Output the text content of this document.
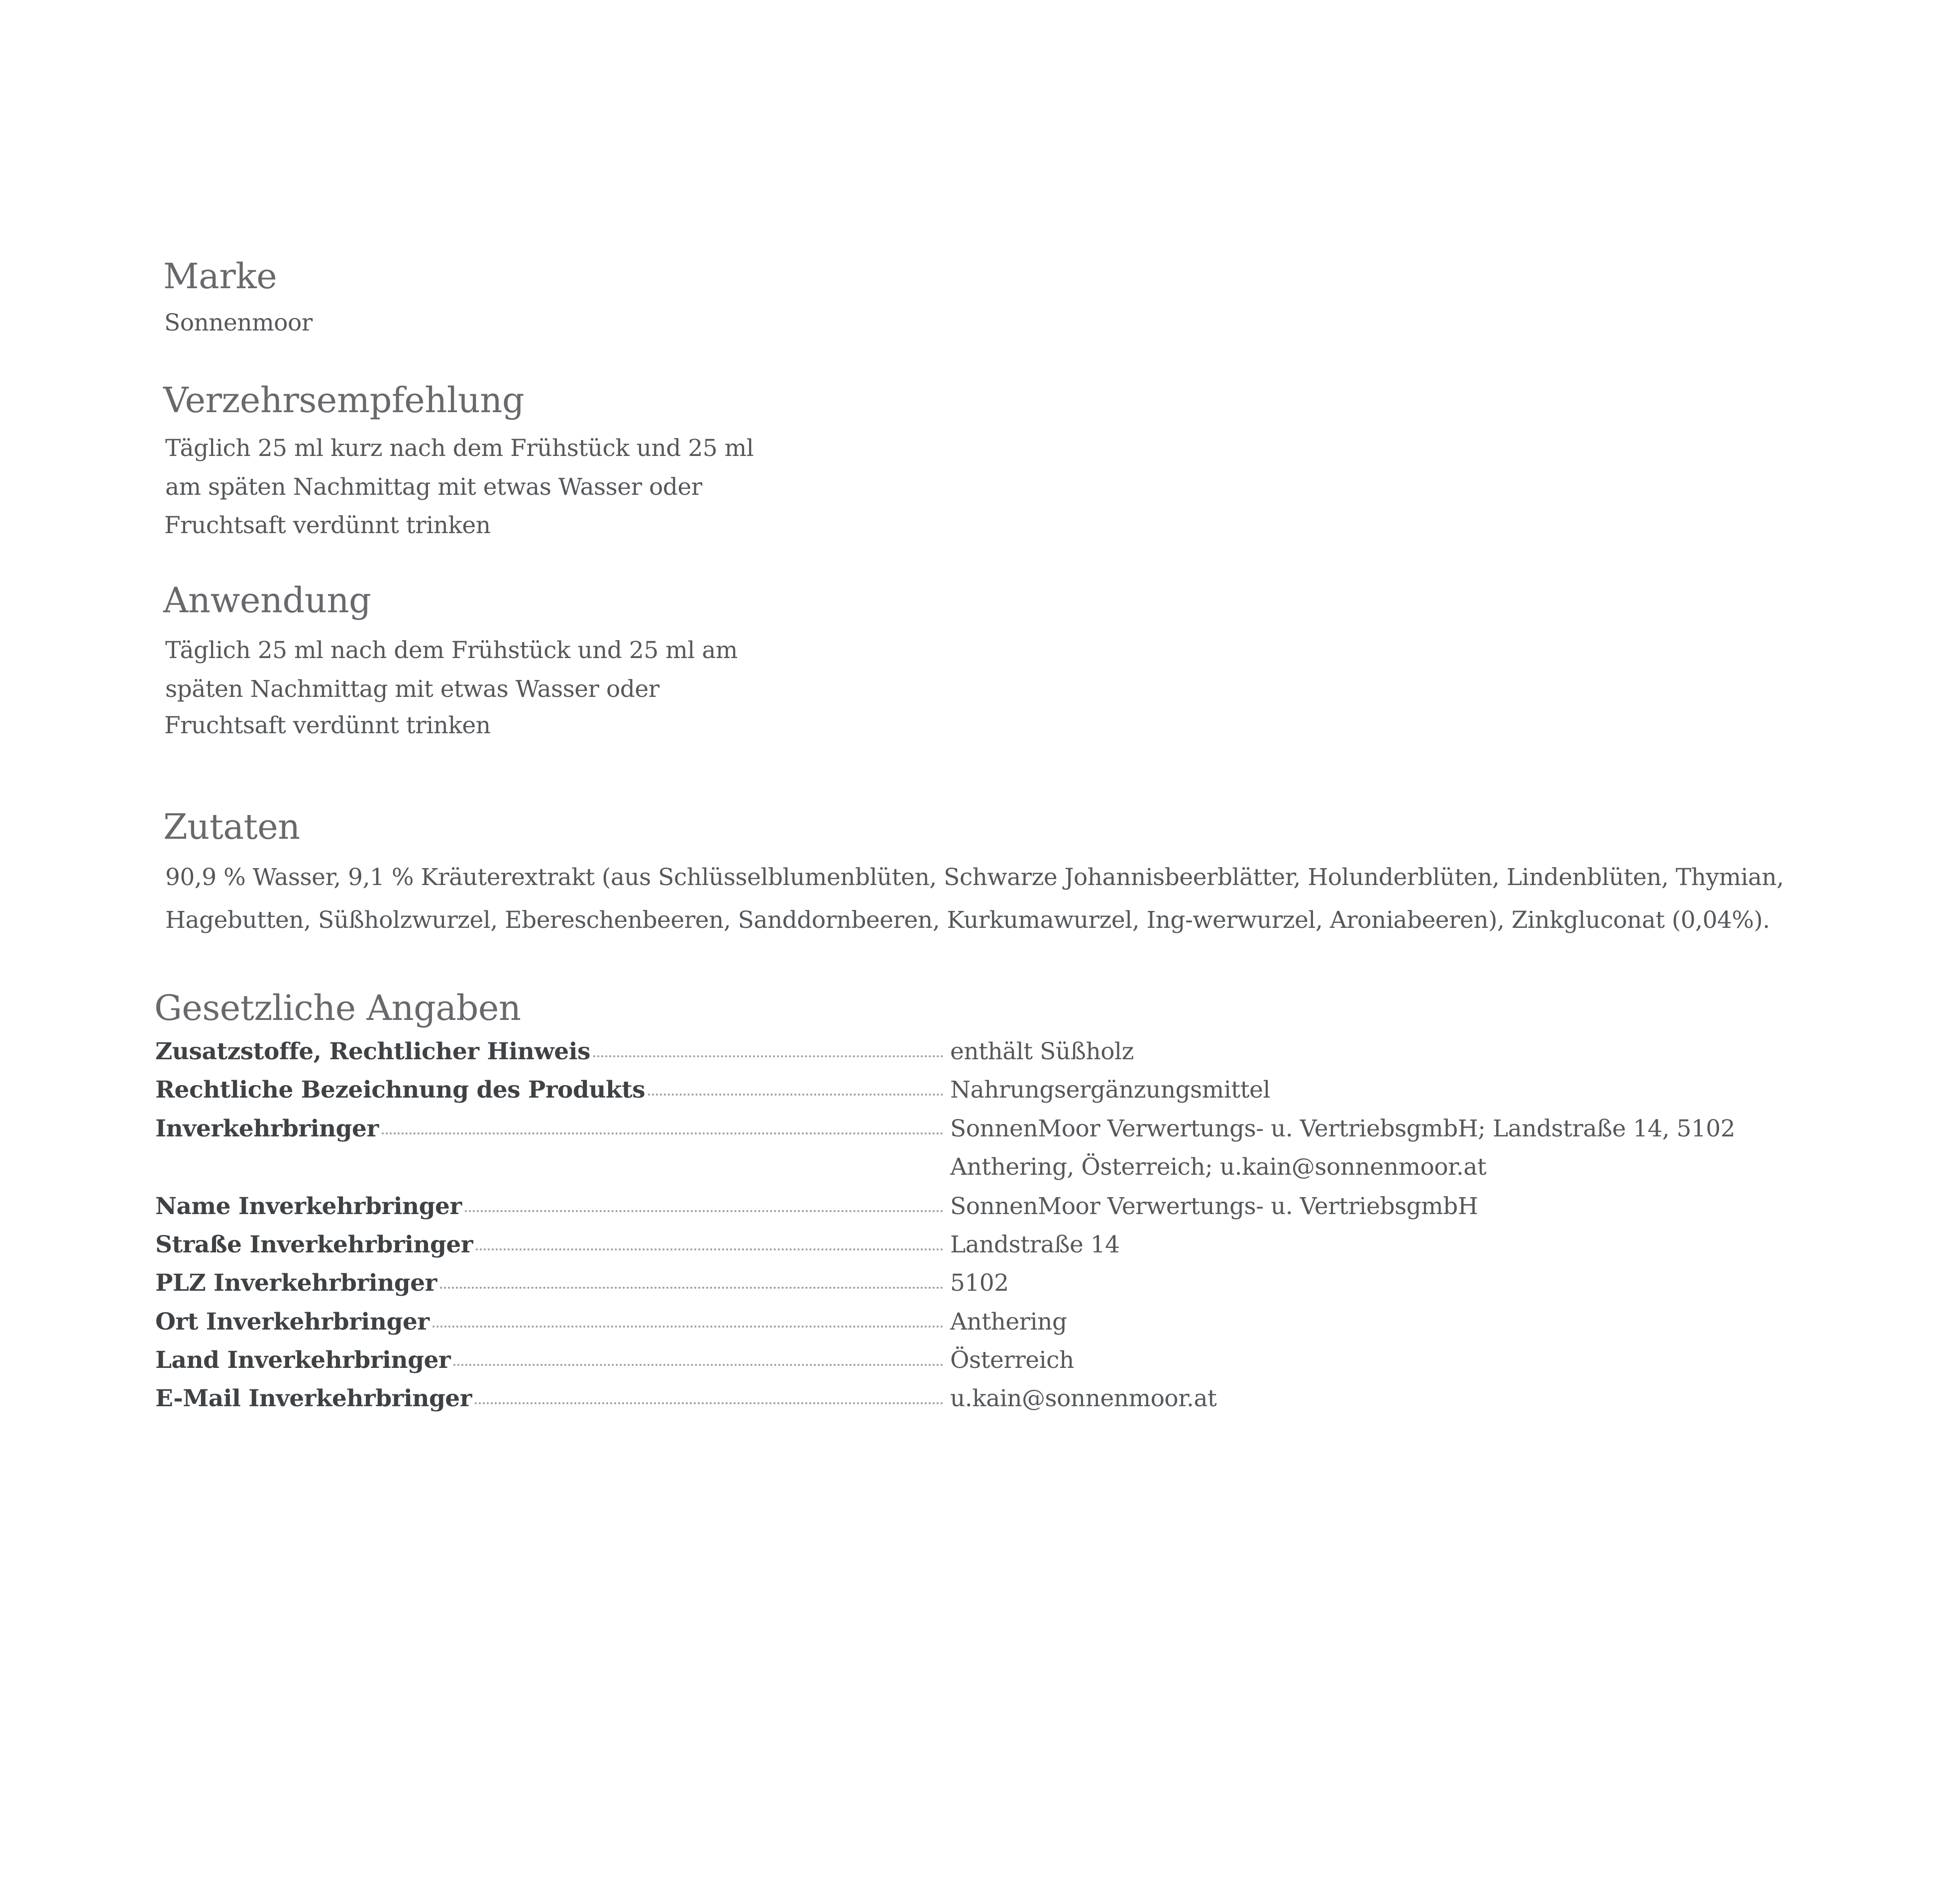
Marke
Sonnenmoor
Verzehrsempfehlung
Täglich 25 ml kurz nach dem Frühstück und 25 ml
am späten Nachmittag mit etwas Wasser oder
Fruchtsaft verdünnt trinken
Anwendung
Täglich 25 ml nach dem Frühstück und 25 ml am
späten Nachmittag mit etwas Wasser oder
Fruchtsaft verdünnt trinken
Zutaten
90,9 % Wasser, 9,1 % Kräuterextrakt (aus Schlüsselblumenblüten, Schwarze Johannisbeerblätter, Holunderblüten, Lindenblüten, Thymian,
Hagebutten, Süßholzwurzel, Ebereschenbeeren, Sanddornbeeren, Kurkumawurzel, Ing-werwurzel, Aroniabeeren), Zinkgluconat (0,04%).
Gesetzliche Angaben
Zusatzstoffe, Rechtlicher Hinweis	enthält Süßholz
Rechtliche Bezeichnung des Produkts	Nahrungsergänzungsmittel
Inverkehrbringer	SonnenMoor Verwertungs- u. VertriebsgmbH; Landstraße 14, 5102
Anthering, Österreich; u.kain@sonnenmoor.at
Name Inverkehrbringer	SonnenMoor Verwertungs- u. VertriebsgmbH
Straße Inverkehrbringer	Landstraße 14
PLZ Inverkehrbringer	5102
Ort Inverkehrbringer	Anthering
Land Inverkehrbringer	Österreich
E-Mail Inverkehrbringer	u.kain@sonnenmoor.at
